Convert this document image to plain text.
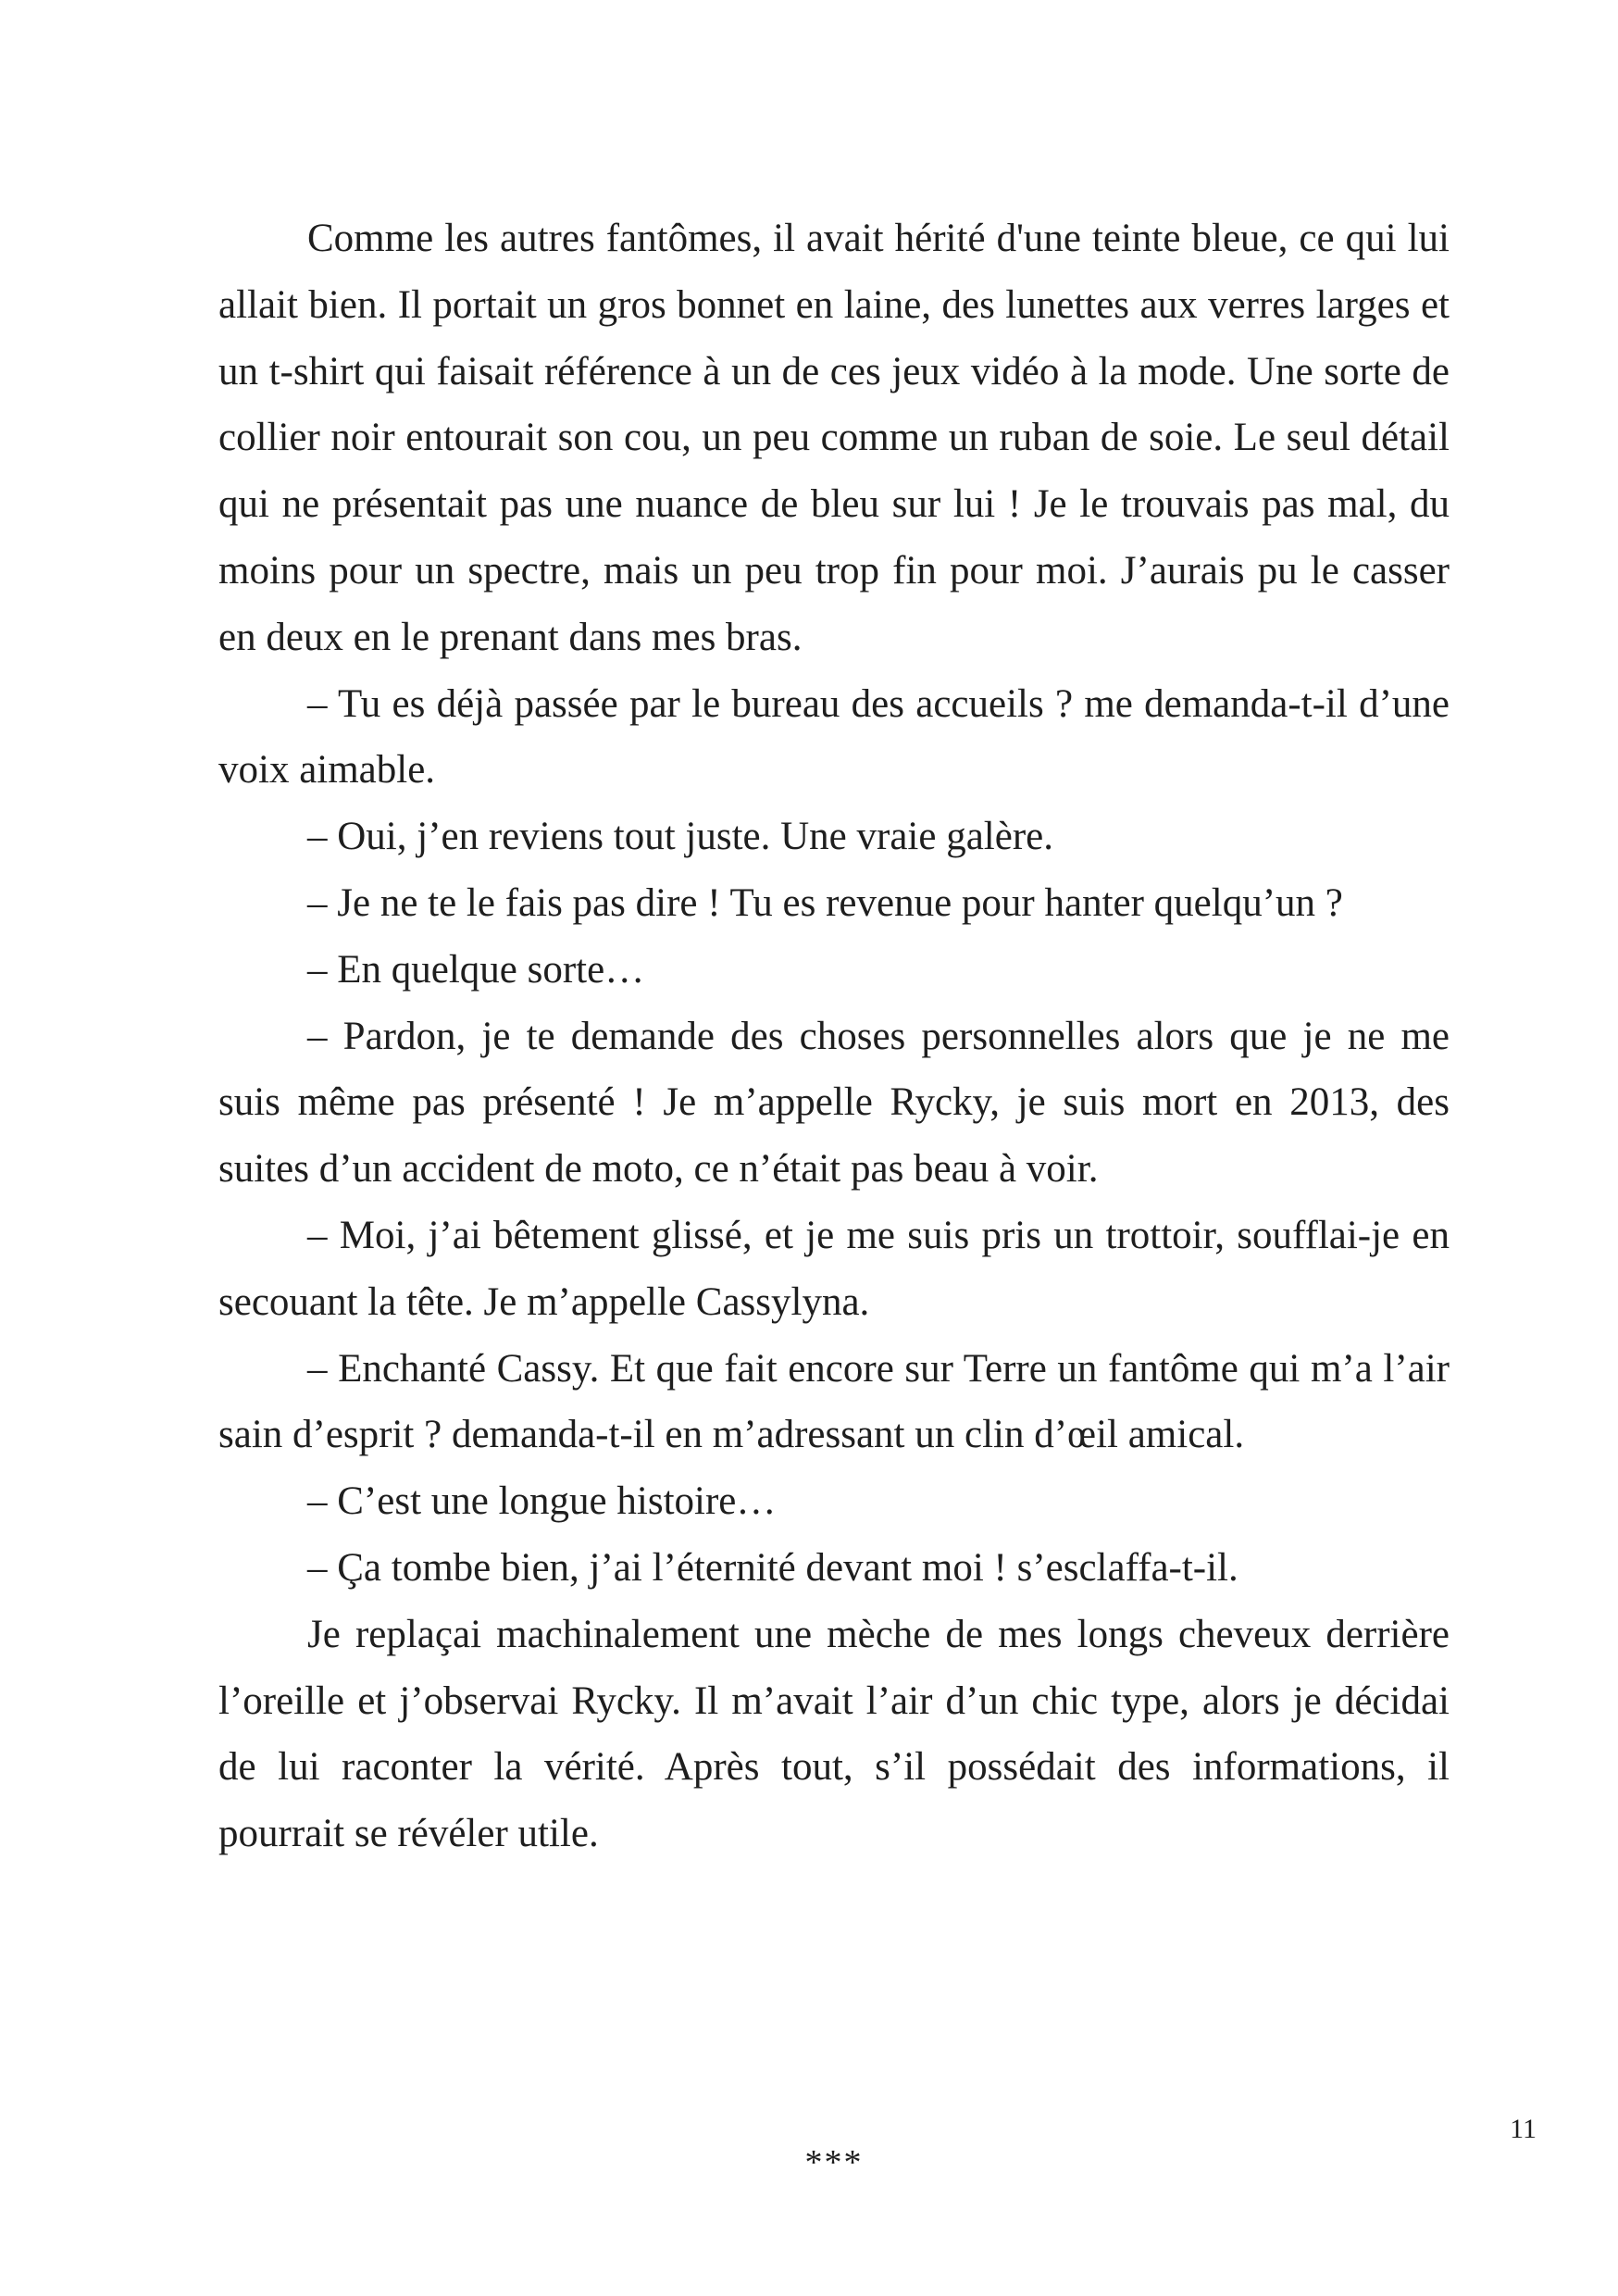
Comme les autres fantômes, il avait hérité d'une teinte bleue, ce qui lui allait bien. Il portait un gros bonnet en laine, des lunettes aux verres larges et un t-shirt qui faisait référence à un de ces jeux vidéo à la mode. Une sorte de collier noir entourait son cou, un peu comme un ruban de soie. Le seul détail qui ne présentait pas une nuance de bleu sur lui ! Je le trouvais pas mal, du moins pour un spectre, mais un peu trop fin pour moi. J’aurais pu le casser en deux en le prenant dans mes bras.

– Tu es déjà passée par le bureau des accueils ? me demanda-t-il d’une voix aimable.

– Oui, j’en reviens tout juste. Une vraie galère.

– Je ne te le fais pas dire ! Tu es revenue pour hanter quelqu’un ?

– En quelque sorte…

– Pardon, je te demande des choses personnelles alors que je ne me suis même pas présenté ! Je m’appelle Rycky, je suis mort en 2013, des suites d’un accident de moto, ce n’était pas beau à voir.

– Moi, j’ai bêtement glissé, et je me suis pris un trottoir, soufflai-je en secouant la tête. Je m’appelle Cassylyna.

– Enchanté Cassy. Et que fait encore sur Terre un fantôme qui m’a l’air sain d’esprit ? demanda-t-il en m’adressant un clin d’œil amical.

– C’est une longue histoire…

– Ça tombe bien, j’ai l’éternité devant moi ! s’esclaffa-t-il.

Je replaçai machinalement une mèche de mes longs cheveux derrière l’oreille et j’observai Rycky. Il m’avait l’air d’un chic type, alors je décidai de lui raconter la vérité. Après tout, s’il possédait des informations, il pourrait se révéler utile.

***
11
